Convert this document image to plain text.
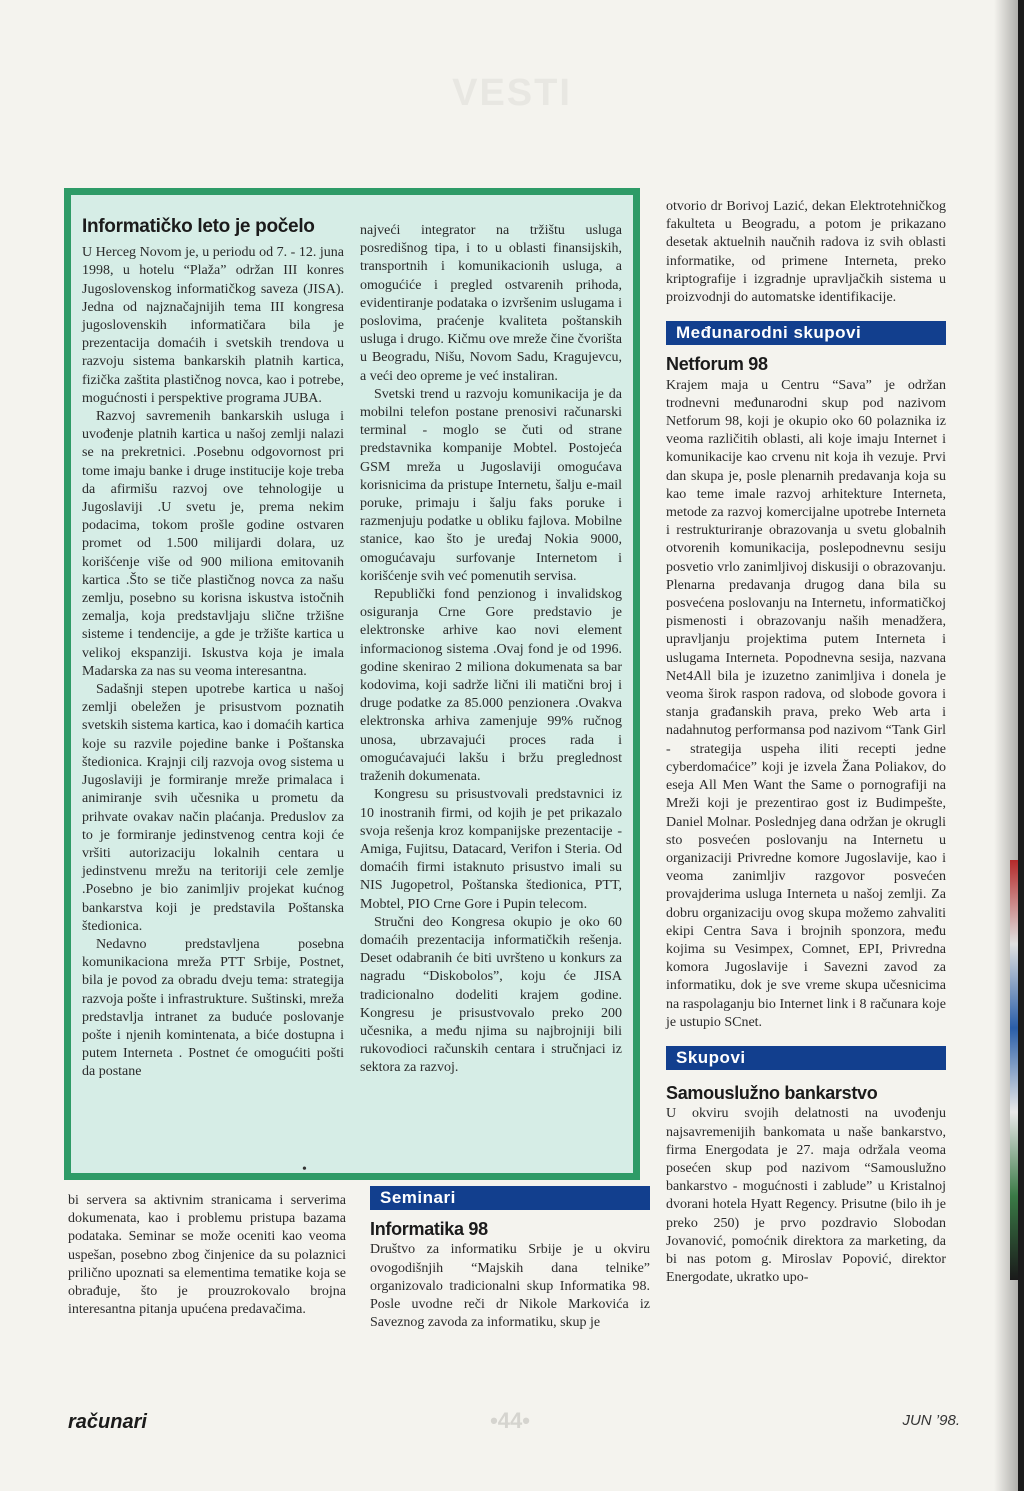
VESTI
Informatičko leto je počelo

U Herceg Novom je, u periodu od 7. - 12. juna 1998, u hotelu “Plaža” održan III konres Jugoslovenskog informatičkog saveza (JISA). Jedna od najznačajnijih tema III kongresa jugoslovenskih informatičara bila je prezentacija domaćih i svetskih trendova u razvoju sistema bankarskih platnih kartica, fizička zaštita plastičnog novca, kao i potrebe, mogućnosti i perspektive programa JUBA.

Razvoj savremenih bankarskih usluga i uvođenje platnih kartica u našoj zemlji nalazi se na prekretnici. .Posebnu odgovornost pri tome imaju banke i druge institucije koje treba da afirmišu razvoj ove tehnologije u Jugoslaviji .U svetu je, prema nekim podacima, tokom prošle godine ostvaren promet od 1.500 milijardi dolara, uz korišćenje više od 900 miliona emitovanih kartica .Što se tiče plastičnog novca za našu zemlju, posebno su korisna iskustva istočnih zemalja, koja predstavljaju slične tržišne sisteme i tendencije, a gde je tržište kartica u velikoj ekspanziji. Iskustva koja je imala Madarska za nas su veoma interesantna.

Sadašnji stepen upotrebe kartica u našoj zemlji obeležen je prisustvom poznatih svetskih sistema kartica, kao i domaćih kartica koje su razvile pojedine banke i Poštanska štedionica. Krajnji cilj razvoja ovog sistema u Jugoslaviji je formiranje mreže primalaca i animiranje svih učesnika u prometu da prihvate ovakav način plaćanja. Preduslov za to je formiranje jedinstvenog centra koji će vršiti autorizaciju lokalnih centara u jedinstvenu mrežu na teritoriji cele zemlje .Posebno je bio zanimljiv projekat kućnog bankarstva koji je predstavila Poštanska štedionica.

Nedavno predstavljena posebna komunikaciona mreža PTT Srbije, Postnet, bila je povod za obradu dveju tema: strategija razvoja pošte i infrastrukture. Suštinski, mreža predstavlja intranet za buduće poslovanje pošte i njenih komintenata, a biće dostupna i putem Interneta . Postnet će omogućiti pošti da postane

najveći integrator na tržištu usluga posredišnog tipa, i to u oblasti finansijskih, transportnih i komunikacionih usluga, a omogućiće i pregled ostvarenih prihoda, evidentiranje podataka o izvršenim uslugama i poslovima, praćenje kvaliteta poštanskih usluga i drugo. Kičmu ove mreže čine čvorišta u Beogradu, Nišu, Novom Sadu, Kragujevcu, a veći deo opreme je već instaliran.

Svetski trend u razvoju komunikacija je da mobilni telefon postane prenosivi računarski terminal - moglo se čuti od strane predstavnika kompanije Mobtel. Postojeća GSM mreža u Jugoslaviji omogućava korisnicima da pristupe Internetu, šalju e-mail poruke, primaju i šalju faks poruke i razmenjuju podatke u obliku fajlova. Mobilne stanice, kao što je uređaj Nokia 9000, omogućavaju surfovanje Internetom i korišćenje svih već pomenutih servisa.

Republički fond penzionog i invalidskog osiguranja Crne Gore predstavio je elektronske arhive kao novi element informacionog sistema .Ovaj fond je od 1996. godine skenirao 2 miliona dokumenata sa bar kodovima, koji sadrže lični ili matični broj i druge podatke za 85.000 penzionera .Ovakva elektronska arhiva zamenjuje 99% ručnog unosa, ubrzavajući proces rada i omogućavajući lakšu i bržu preglednost traženih dokumenata.

Kongresu su prisustvovali predstavnici iz 10 inostranih firmi, od kojih je pet prikazalo svoja rešenja kroz kompanijske prezentacije - Amiga, Fujitsu, Datacard, Verifon i Steria. Od domaćih firmi istaknuto prisustvo imali su NIS Jugopetrol, Poštanska štedionica, PTT, Mobtel, PIO Crne Gore i Pupin telecom.

Stručni deo Kongresa okupio je oko 60 domaćih prezentacija informatičkih rešenja. Deset odabranih će biti uvršteno u konkurs za nagradu “Diskobolos”, koju će JISA tradicionalno dodeliti krajem godine. Kongresu je prisustvovalo preko 200 učesnika, a među njima su najbrojniji bili rukovodioci računskih centara i stručnjaci iz sektora za razvoj.

•

bi servera sa aktivnim stranicama i serverima dokumenata, kao i problemu pristupa bazama podataka. Seminar se može oceniti kao veoma uspešan, posebno zbog činjenice da su polaznici prilično upoznati sa elementima tematike koja se obrađuje, što je prouzrokovalo brojna interesantna pitanja upućena predavačima.

Seminari
Informatika 98

Društvo za informatiku Srbije je u okviru ovogodišnjih “Majskih dana telnike” organizovalo tradicionalni skup Informatika 98. Posle uvodne reči dr Nikole Markovića iz Saveznog zavoda za informatiku, skup je

otvorio dr Borivoj Lazić, dekan Elektrotehničkog fakulteta u Beogradu, a potom je prikazano desetak aktuelnih naučnih radova iz svih oblasti informatike, od primene Interneta, preko kriptografije i izgradnje upravljačkih sistema u proizvodnji do automatske identifikacije.

Međunarodni skupovi
Netforum 98

Krajem maja u Centru “Sava” je održan trodnevni međunarodni skup pod nazivom Netforum 98, koji je okupio oko 60 polaznika iz veoma različitih oblasti, ali koje imaju Internet i komunikacije kao crvenu nit koja ih vezuje. Prvi dan skupa je, posle plenarnih predavanja koja su kao teme imale razvoj arhitekture Interneta, metode za razvoj komercijalne upotrebe Interneta i restrukturiranje obrazovanja u svetu globalnih otvorenih komunikacija, poslepodnevnu sesiju posvetio vrlo zanimljivoj diskusiji o obrazovanju. Plenarna predavanja drugog dana bila su posvećena poslovanju na Internetu, informatičkoj pismenosti i obrazovanju naših menadžera, upravljanju projektima putem Interneta i uslugama Interneta. Popodnevna sesija, nazvana Net4All bila je izuzetno zanimljiva i donela je veoma širok raspon radova, od slobode govora i stanja građanskih prava, preko Web arta i nadahnutog performansa pod nazivom “Tank Girl - strategija uspeha iliti recepti jedne cyberdomaćice” koji je izvela Žana Poliakov, do eseja All Men Want the Same o pornografiji na Mreži koji je prezentirao gost iz Budimpešte, Daniel Molnar. Poslednjeg dana održan je okrugli sto posvećen poslovanju na Internetu u organizaciji Privredne komore Jugoslavije, kao i veoma zanimljiv razgovor posvećen provajderima usluga Interneta u našoj zemlji. Za dobru organizaciju ovog skupa možemo zahvaliti ekipi Centra Sava i brojnih sponzora, među kojima su Vesimpex, Comnet, EPI, Privredna komora Jugoslavije i Savezni zavod za informatiku, dok je sve vreme skupa učesnicima na raspolaganju bio Internet link i 8 računara koje je ustupio SCnet.

Skupovi
Samouslužno bankarstvo

U okviru svojih delatnosti na uvođenju najsavremenijih bankomata u naše bankarstvo, firma Energodata je 27. maja održala veoma posećen skup pod nazivom “Samouslužno bankarstvo - mogućnosti i zablude” u Kristalnoj dvorani hotela Hyatt Regency. Prisutne (bilo ih je preko 250) je prvo pozdravio Slobodan Jovanović, pomoćnik direktora za marketing, da bi nas potom g. Miroslav Popović, direktor Energodate, ukratko upo-

računari	•44•	JUN ’98.
